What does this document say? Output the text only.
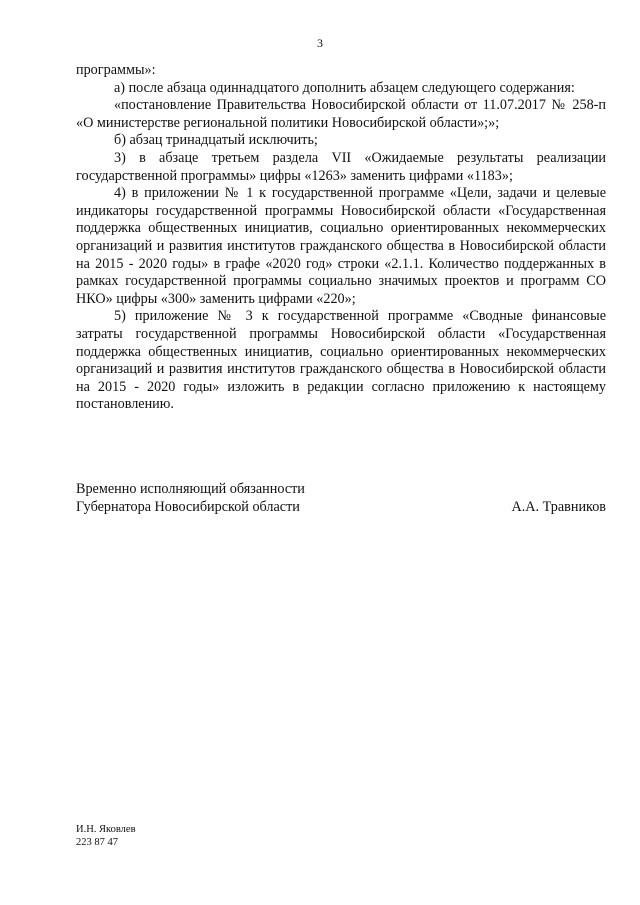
3

программы»:

а) после абзаца одиннадцатого дополнить абзацем следующего содержания:

«постановление Правительства Новосибирской области от 11.07.2017 № 258-п «О министерстве региональной политики Новосибирской области»;»;

б) абзац тринадцатый исключить;

3) в абзаце третьем раздела VII «Ожидаемые результаты реализации государственной программы» цифры «1263» заменить цифрами «1183»;

4) в приложении № 1 к государственной программе «Цели, задачи и целевые индикаторы государственной программы Новосибирской области «Государственная поддержка общественных инициатив, социально ориентированных некоммерческих организаций и развития институтов гражданского общества в Новосибирской области на 2015 - 2020 годы» в графе «2020 год» строки «2.1.1. Количество поддержанных в рамках государственной программы социально значимых проектов и программ СО НКО» цифры «300» заменить цифрами «220»;

5) приложение № 3 к государственной программе «Сводные финансовые затраты государственной программы Новосибирской области «Государственная поддержка общественных инициатив, социально ориентированных некоммерческих организаций и развития институтов гражданского общества в Новосибирской области на 2015 - 2020 годы» изложить в редакции согласно приложению к настоящему постановлению.

Временно исполняющий обязанности
Губернатора Новосибирской области	А.А. Травников
И.Н. Яковлев
223 87 47
